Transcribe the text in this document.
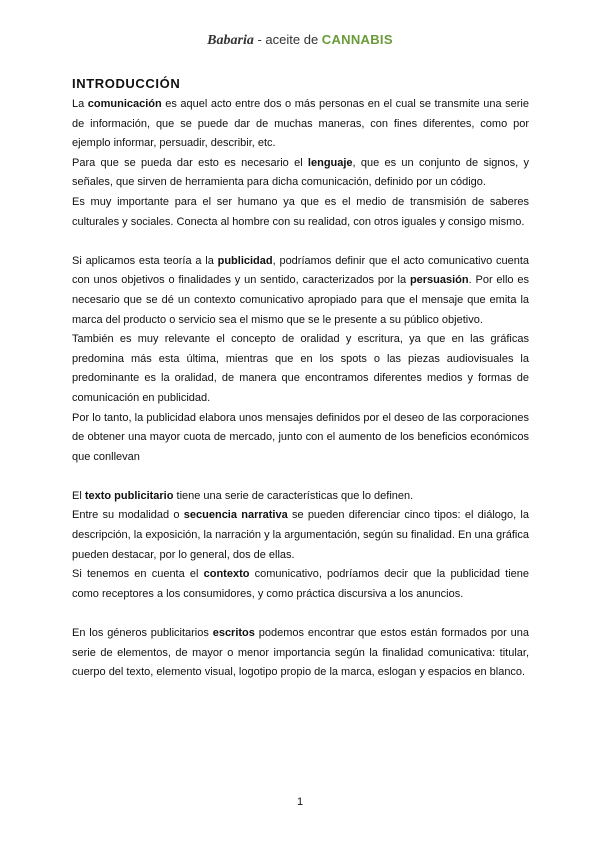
Babaria - aceite de CANNABIS
INTRODUCCIÓN

La comunicación es aquel acto entre dos o más personas en el cual se transmite una serie de información, que se puede dar de muchas maneras, con fines diferentes, como por ejemplo informar, persuadir, describir, etc.

Para que se pueda dar esto es necesario el lenguaje, que es un conjunto de signos, y señales, que sirven de herramienta para dicha comunicación, definido por un código.

Es muy importante para el ser humano ya que es el medio de transmisión de saberes culturales y sociales. Conecta al hombre con su realidad, con otros iguales y consigo mismo.

Si aplicamos esta teoría a la publicidad, podríamos definir que el acto comunicativo cuenta con unos objetivos o finalidades y un sentido, caracterizados por la persuasión. Por ello es necesario que se dé un contexto comunicativo apropiado para que el mensaje que emita la marca del producto o servicio sea el mismo que se le presente a su público objetivo.

También es muy relevante el concepto de oralidad y escritura, ya que en las gráficas predomina más esta última, mientras que en los spots o las piezas audiovisuales la predominante es la oralidad, de manera que encontramos diferentes medios y formas de comunicación en publicidad.

Por lo tanto, la publicidad elabora unos mensajes definidos por el deseo de las corporaciones de obtener una mayor cuota de mercado, junto con el aumento de los beneficios económicos que conllevan

El texto publicitario tiene una serie de características que lo definen.

Entre su modalidad o secuencia narrativa se pueden diferenciar cinco tipos: el diálogo, la descripción, la exposición, la narración y la argumentación, según su finalidad. En una gráfica pueden destacar, por lo general, dos de ellas.

Si tenemos en cuenta el contexto comunicativo, podríamos decir que la publicidad tiene como receptores a los consumidores, y como práctica discursiva a los anuncios.

En los géneros publicitarios escritos podemos encontrar que estos están formados por una serie de elementos, de mayor o menor importancia según la finalidad comunicativa: titular, cuerpo del texto, elemento visual, logotipo propio de la marca, eslogan y espacios en blanco.

1
